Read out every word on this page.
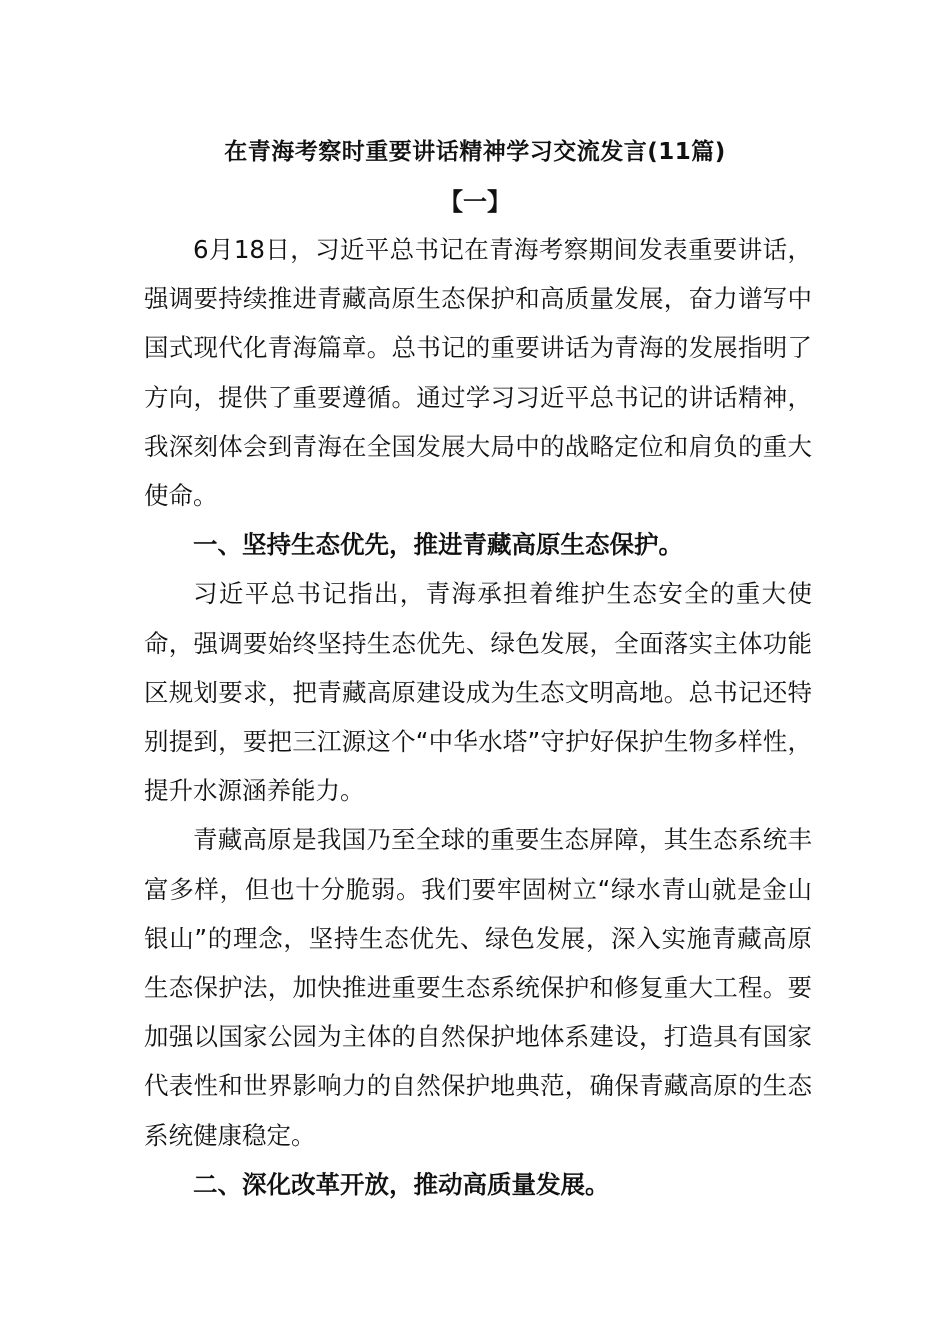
在青海考察时重要讲话精神学习交流发言(11篇)
【一】

6月18日，习近平总书记在青海考察期间发表重要讲话，强调要持续推进青藏高原生态保护和高质量发展，奋力谱写中国式现代化青海篇章。总书记的重要讲话为青海的发展指明了方向，提供了重要遵循。通过学习习近平总书记的讲话精神，我深刻体会到青海在全国发展大局中的战略定位和肩负的重大使命。

一、坚持生态优先，推进青藏高原生态保护。

习近平总书记指出，青海承担着维护生态安全的重大使命，强调要始终坚持生态优先、绿色发展，全面落实主体功能区规划要求，把青藏高原建设成为生态文明高地。总书记还特别提到，要把三江源这个“中华水塔”守护好保护生物多样性，提升水源涵养能力。

青藏高原是我国乃至全球的重要生态屏障，其生态系统丰富多样，但也十分脆弱。我们要牢固树立“绿水青山就是金山银山”的理念，坚持生态优先、绿色发展，深入实施青藏高原生态保护法，加快推进重要生态系统保护和修复重大工程。要加强以国家公园为主体的自然保护地体系建设，打造具有国家代表性和世界影响力的自然保护地典范，确保青藏高原的生态系统健康稳定。

二、深化改革开放，推动高质量发展。
